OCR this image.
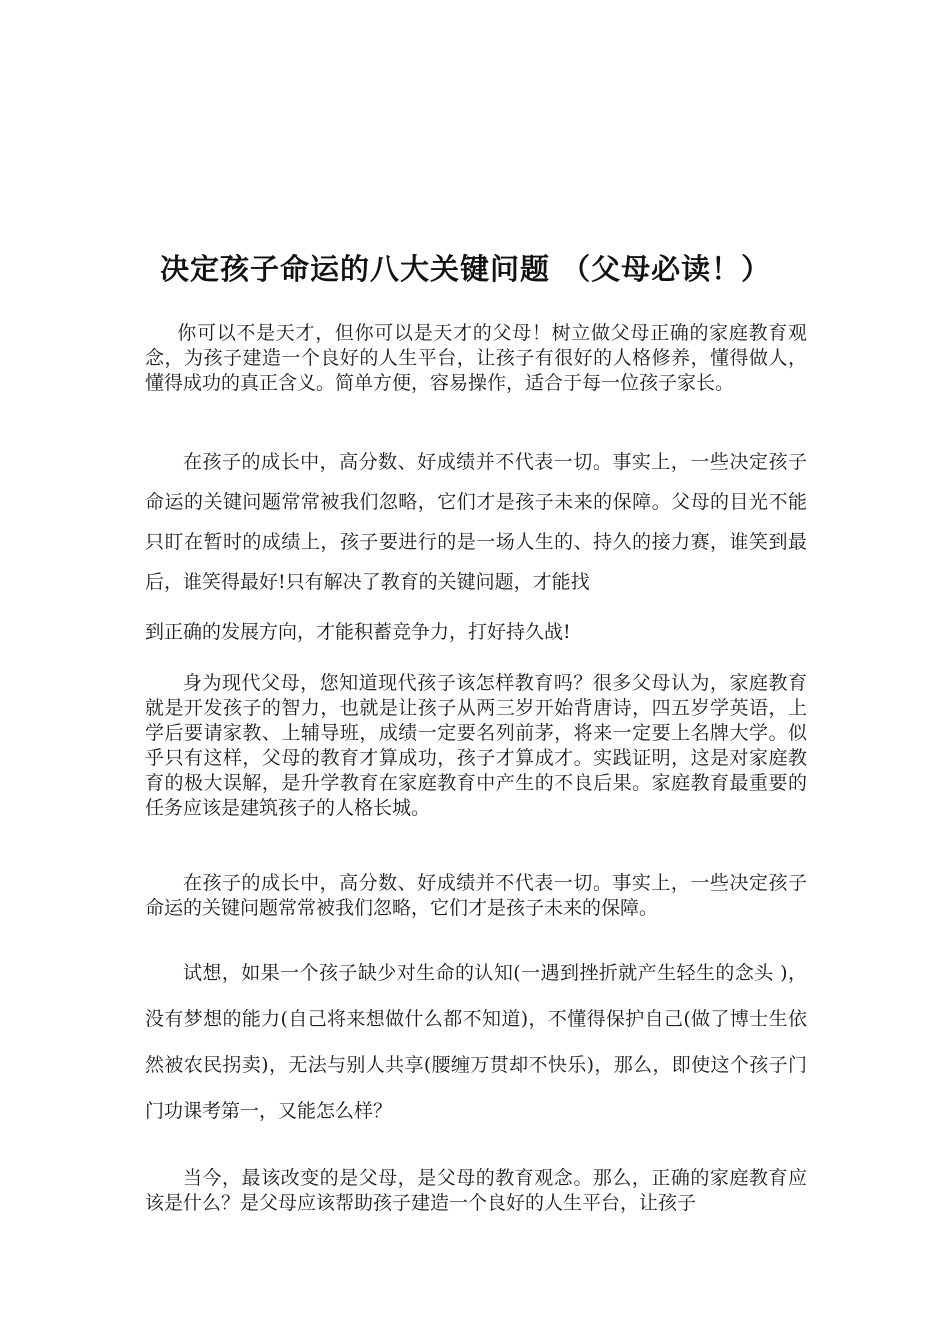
决定孩子命运的八大关键问题 （父母必读！）

你可以不是天才，但你可以是天才的父母！树立做父母正确的家庭教育观念，为孩子建造一个良好的人生平台，让孩子有很好的人格修养，懂得做人，懂得成功的真正含义。简单方便，容易操作，适合于每一位孩子家长。

在孩子的成长中，高分数、好成绩并不代表一切。事实上，一些决定孩子命运的关键问题常常被我们忽略，它们才是孩子未来的保障。父母的目光不能只盯在暂时的成绩上，孩子要进行的是一场人生的、持久的接力赛，谁笑到最后，谁笑得最好!只有解决了教育的关键问题，才能找
到正确的发展方向，才能积蓄竞争力，打好持久战!

身为现代父母，您知道现代孩子该怎样教育吗？很多父母认为，家庭教育就是开发孩子的智力，也就是让孩子从两三岁开始背唐诗，四五岁学英语，上学后要请家教、上辅导班，成绩一定要名列前茅，将来一定要上名牌大学。似乎只有这样，父母的教育才算成功，孩子才算成才。实践证明，这是对家庭教育的极大误解，是升学教育在家庭教育中产生的不良后果。家庭教育最重要的任务应该是建筑孩子的人格长城。

在孩子的成长中，高分数、好成绩并不代表一切。事实上，一些决定孩子命运的关键问题常常被我们忽略，它们才是孩子未来的保障。

试想，如果一个孩子缺少对生命的认知(一遇到挫折就产生轻生的念头 )，没有梦想的能力(自己将来想做什么都不知道)，不懂得保护自己(做了博士生依然被农民拐卖)，无法与别人共享(腰缠万贯却不快乐)，那么，即使这个孩子门门功课考第一，又能怎么样？

当今，最该改变的是父母，是父母的教育观念。那么，正确的家庭教育应该是什么？是父母应该帮助孩子建造一个良好的人生平台，让孩子
